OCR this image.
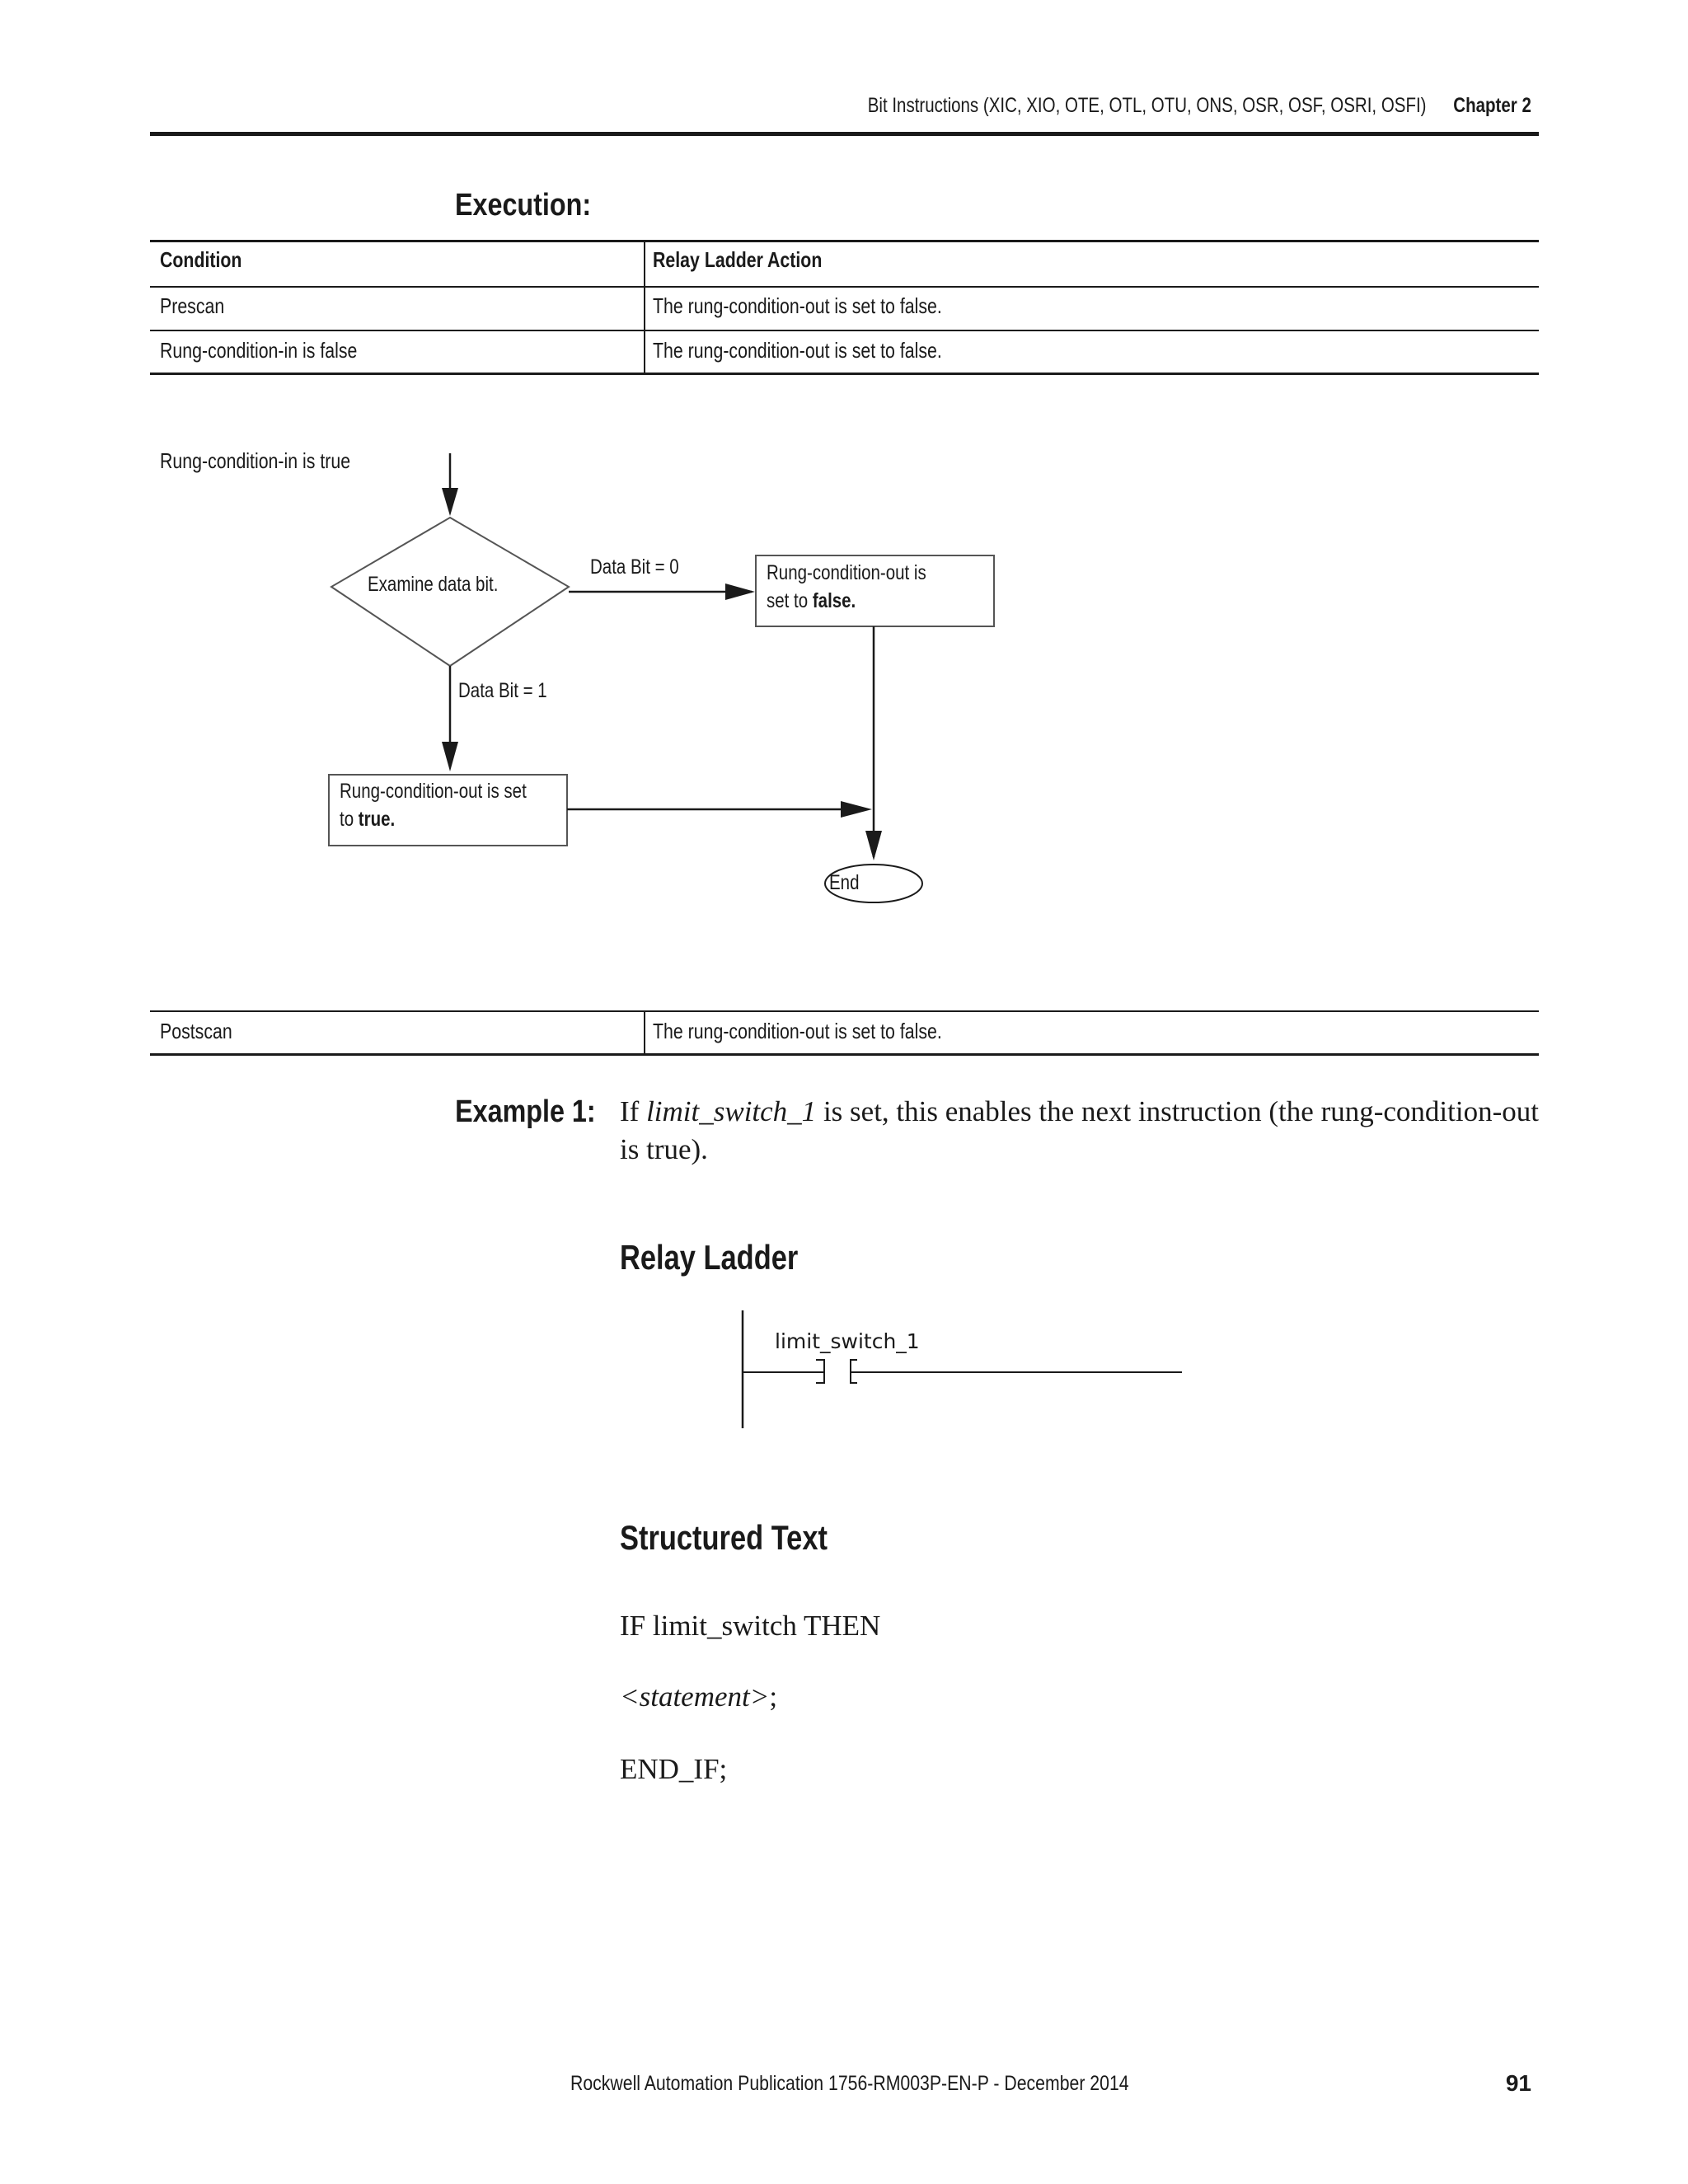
Bit Instructions (XIC, XIO, OTE, OTL, OTU, ONS, OSR, OSF, OSRI, OSFI) Chapter 2
Execution:
Condition	Relay Ladder Action
Prescan	The rung-condition-out is set to false.
Rung-condition-in is false	The rung-condition-out is set to false.
Rung-condition-in is true
Examine data bit.
Data Bit = 0
Data Bit = 1
Rung-condition-out is
set to false.
Rung-condition-out is set
to true.
End
Postscan	The rung-condition-out is set to false.
Example 1: If limit_switch_1 is set, this enables the next instruction (the rung-condition-out is true).
Relay Ladder
limit_switch_1
Structured Text
IF limit_switch THEN
<statement>;
END_IF;
Rockwell Automation Publication 1756-RM003P-EN-P - December 2014	91
